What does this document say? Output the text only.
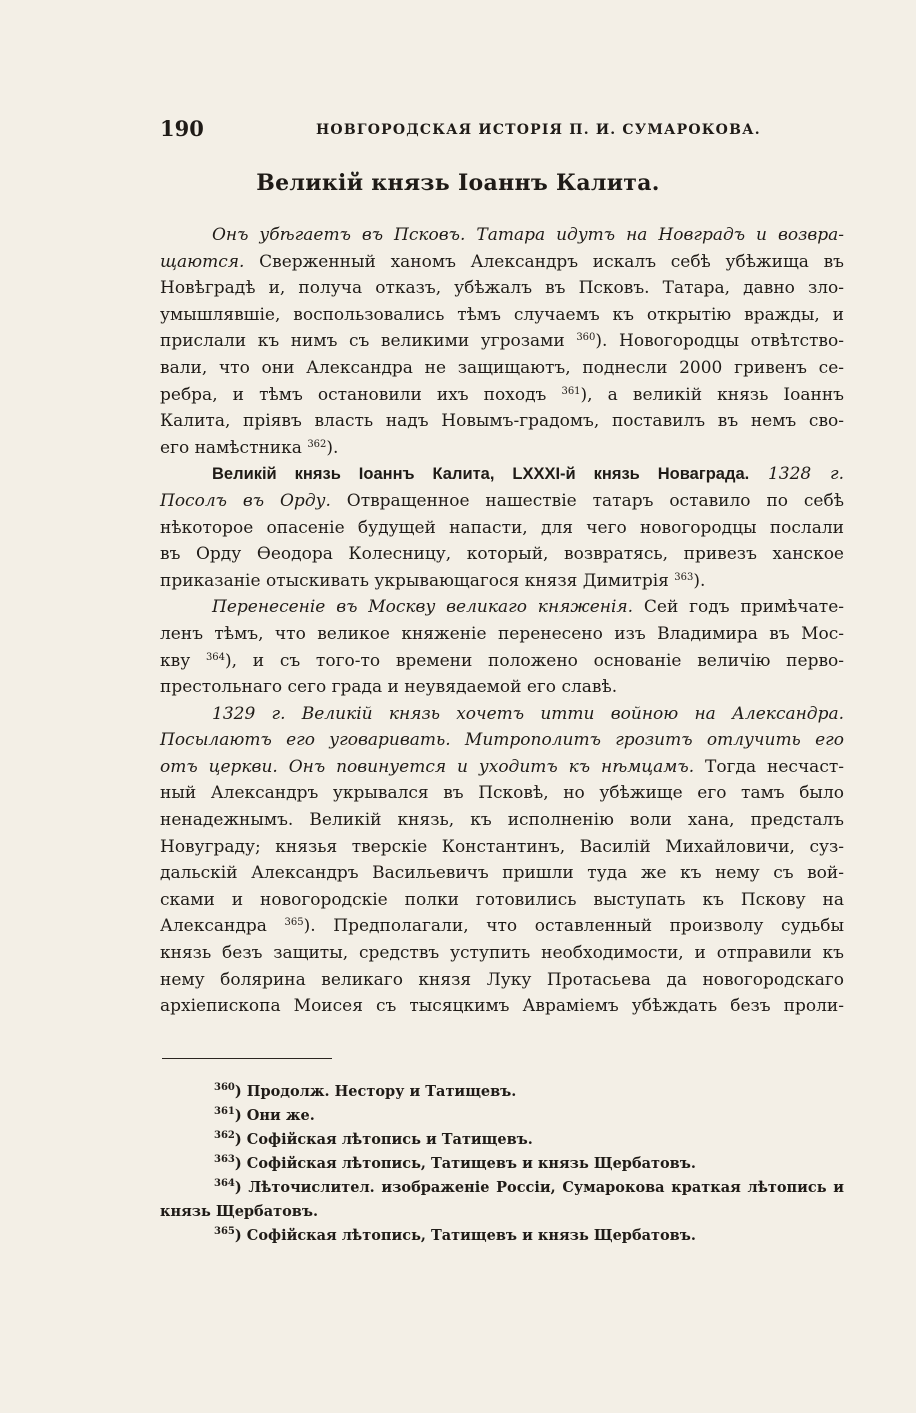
190	НОВГОРОДСКАЯ ИСТОРІЯ П. И. СУМАРОКОВА.
Великій князь Іоаннъ Калита.
Онъ убѣгаетъ въ Псковъ. Татара идутъ на Новградъ и возвра-
щаются. Сверженный ханомъ Александръ искалъ себѣ убѣжища въ
Новѣградѣ и, получа отказъ, убѣжалъ въ Псковъ. Татара, давно зло-
умышлявшіе, воспользовались тѣмъ случаемъ къ открытію вражды, и
прислали къ нимъ съ великими угрозами $^{360}$). Новогородцы отвѣтство-
вали, что они Александра не защищаютъ, поднесли 2000 гривенъ се-
ребра, и тѣмъ остановили ихъ походъ $^{361}$), а великій князь Іоаннъ
Калита, пріявъ власть надъ Новымъ-градомъ, поставилъ въ немъ сво-
его намѣстника $^{362}$).
Великій князь Іоаннъ Калита, LXXXI-й князь Новаграда. 1328 г.
Посолъ въ Орду. Отвращенное нашествіе татаръ оставило по себѣ
нѣкоторое опасеніе будущей напасти, для чего новогородцы послали
въ Орду Ѳеодора Колесницу, который, возвратясь, привезъ ханское
приказаніе отыскивать укрывающагося князя Димитрія $^{363}$).
Перенесеніе въ Москву великаго княженія. Сей годъ примѣчате-
ленъ тѣмъ, что великое княженіе перенесено изъ Владимира въ Мос-
кву $^{364}$), и съ того-то времени положено основаніе величію перво-
престольнаго сего града и неувядаемой его славѣ.
1329 г. Великій князь хочетъ итти войною на Александра.
Посылаютъ его уговаривать. Митрополитъ грозитъ отлучить его
отъ церкви. Онъ повинуется и уходитъ къ нѣмцамъ. Тогда несчаст-
ный Александръ укрывался въ Псковѣ, но убѣжище его тамъ было
ненадежнымъ. Великій князь, къ исполненію воли хана, предсталъ
Новуграду; князья тверскіе Константинъ, Василій Михайловичи, суз-
дальскій Александръ Васильевичъ пришли туда же къ нему съ вой-
сками и новогородскіе полки готовились выступать къ Пскову на
Александра $^{365}$). Предполагали, что оставленный произволу судьбы
князь безъ защиты, средствъ уступить необходимости, и отправили къ
нему болярина великаго князя Луку Протасьева да новогородскаго
архіепископа Моисея съ тысяцкимъ Авраміемъ убѣждать безъ проли-
$^{360}$) Продолж. Нестору и Татищевъ.
$^{361}$) Они же.
$^{362}$) Софійская лѣтопись и Татищевъ.
$^{363}$) Софійская лѣтопись, Татищевъ и князь Щербатовъ.
$^{364}$) Лѣточислител. изображеніе Россіи, Сумарокова краткая лѣтопись и
князь Щербатовъ.
$^{365}$) Софійская лѣтопись, Татищевъ и князь Щербатовъ.
